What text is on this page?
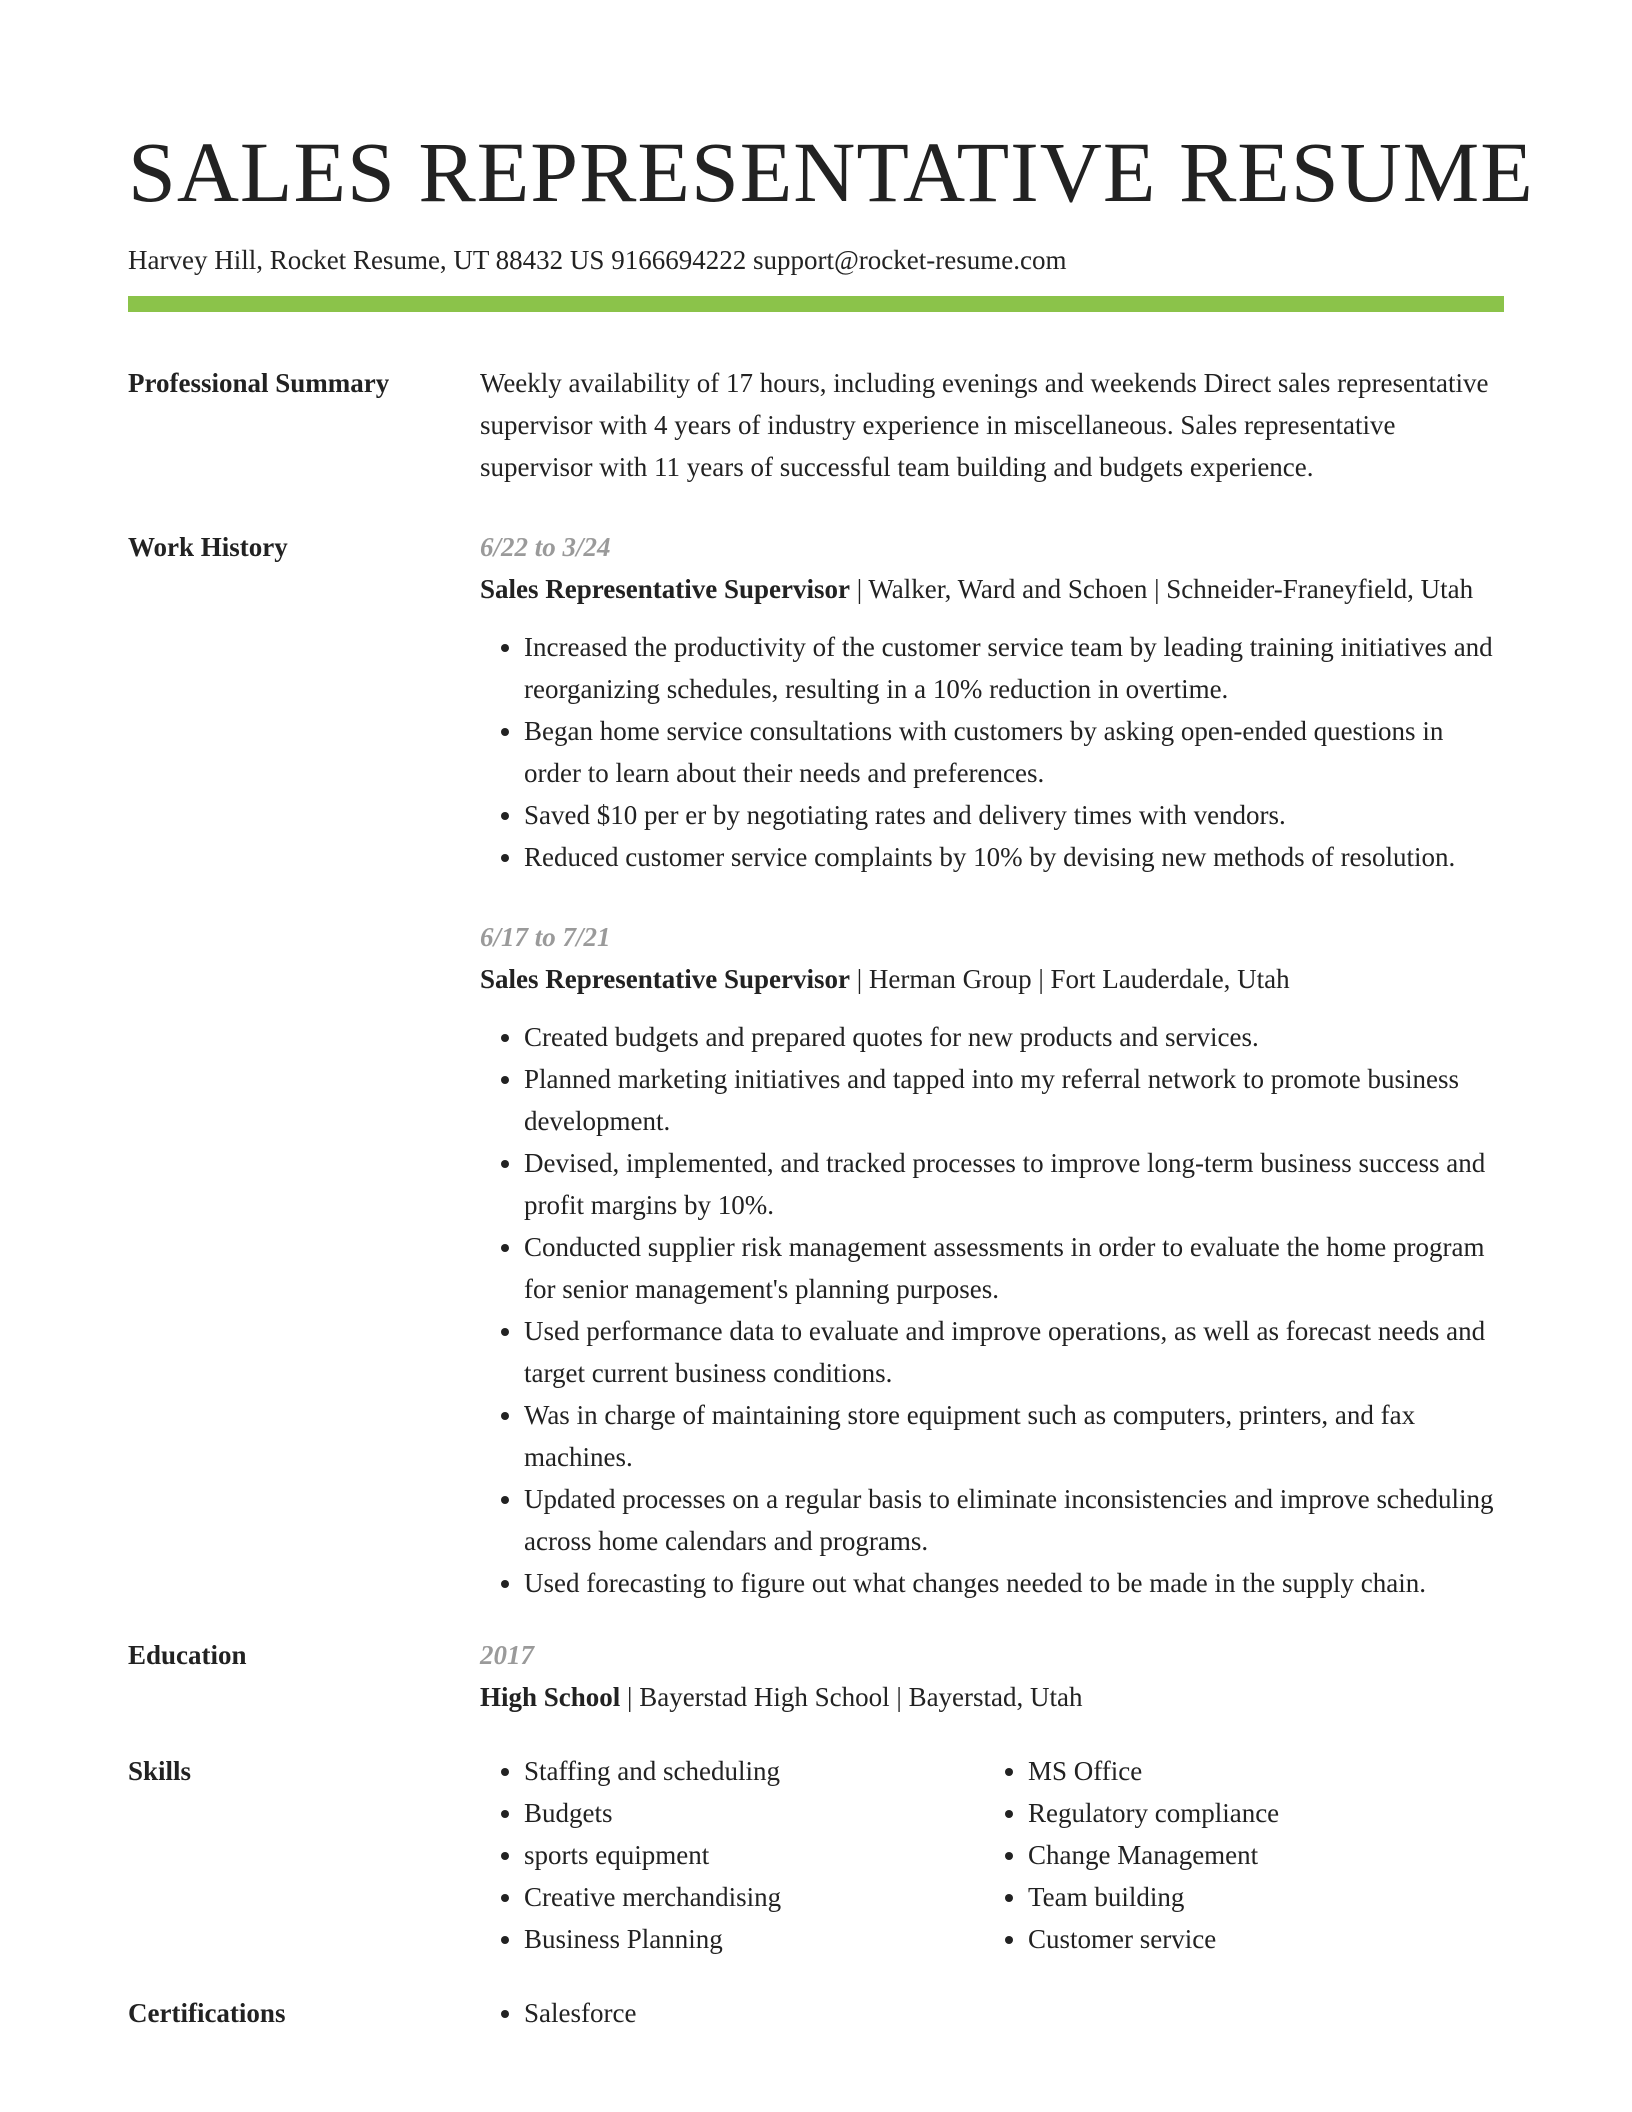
SALES REPRESENTATIVE RESUME
Harvey Hill, Rocket Resume, UT 88432 US 9166694222 support@rocket-resume.com
Professional Summary	Weekly availability of 17 hours, including evenings and weekends Direct sales representative supervisor with 4 years of industry experience in miscellaneous. Sales representative supervisor with 11 years of successful team building and budgets experience.
Work History	6/22 to 3/24
Sales Representative Supervisor | Walker, Ward and Schoen | Schneider-Franeyfield, Utah
• Increased the productivity of the customer service team by leading training initiatives and reorganizing schedules, resulting in a 10% reduction in overtime.
• Began home service consultations with customers by asking open-ended questions in order to learn about their needs and preferences.
• Saved $10 per er by negotiating rates and delivery times with vendors.
• Reduced customer service complaints by 10% by devising new methods of resolution.
6/17 to 7/21
Sales Representative Supervisor | Herman Group | Fort Lauderdale, Utah
• Created budgets and prepared quotes for new products and services.
• Planned marketing initiatives and tapped into my referral network to promote business development.
• Devised, implemented, and tracked processes to improve long-term business success and profit margins by 10%.
• Conducted supplier risk management assessments in order to evaluate the home program for senior management's planning purposes.
• Used performance data to evaluate and improve operations, as well as forecast needs and target current business conditions.
• Was in charge of maintaining store equipment such as computers, printers, and fax machines.
• Updated processes on a regular basis to eliminate inconsistencies and improve scheduling across home calendars and programs.
• Used forecasting to figure out what changes needed to be made in the supply chain.
Education	2017
High School | Bayerstad High School | Bayerstad, Utah
Skills	• Staffing and scheduling
• Budgets
• sports equipment
• Creative merchandising
• Business Planning
• MS Office
• Regulatory compliance
• Change Management
• Team building
• Customer service
Certifications	• Salesforce
